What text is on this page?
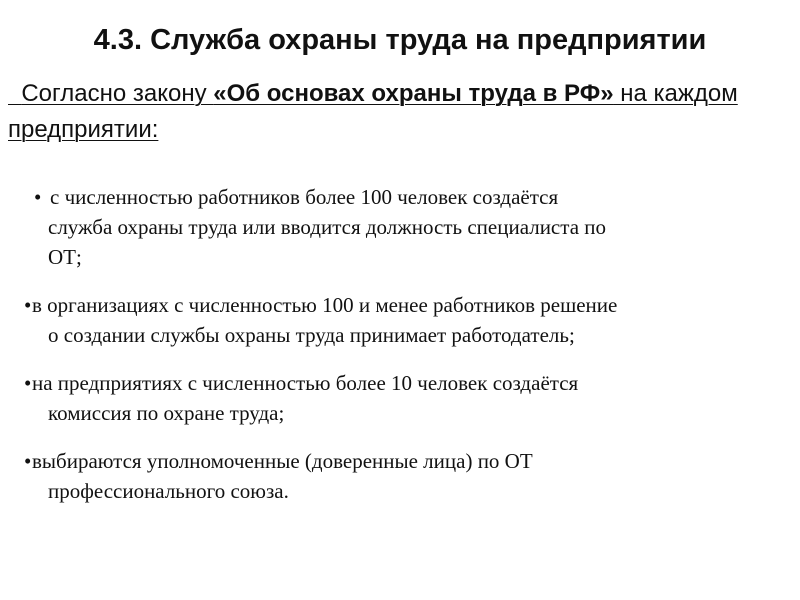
4.3. Служба охраны труда на предприятии
Согласно закону «Об основах охраны труда в РФ» на каждом предприятии:
• с численностью работников более 100 человек создаётся
служба охраны труда или вводится должность специалиста по
ОТ;
• в организациях с численностью 100 и менее работников решение
о создании службы охраны труда принимает работодатель;
• на предприятиях с численностью более 10 человек создаётся
комиссия по охране труда;
• выбираются уполномоченные (доверенные лица) по ОТ
профессионального союза.
